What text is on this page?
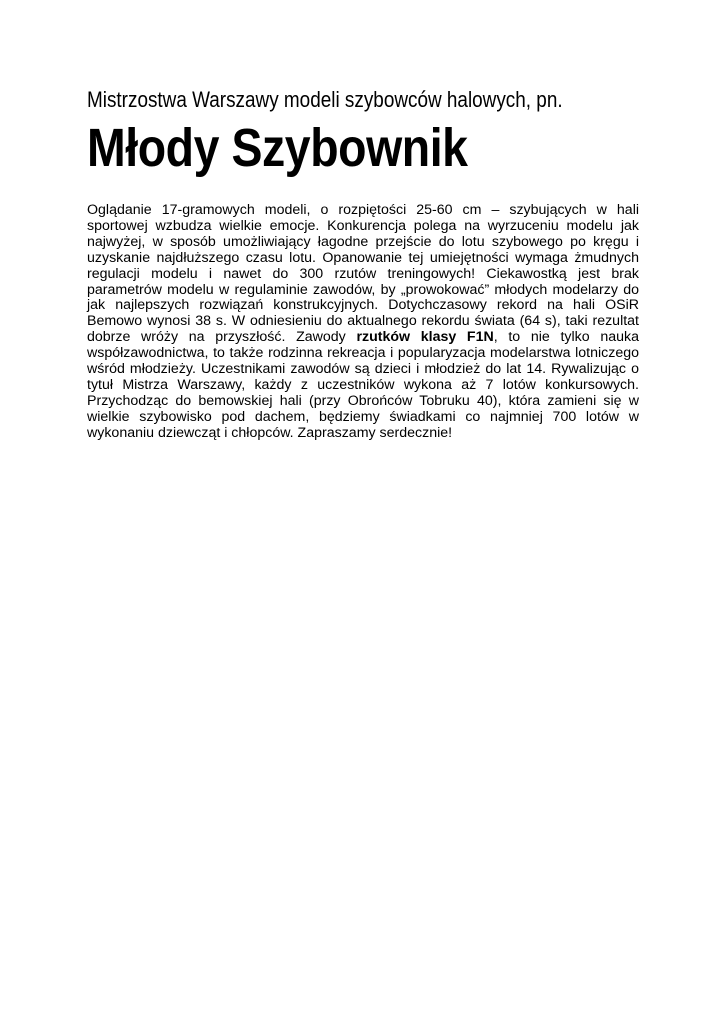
Mistrzostwa Warszawy modeli szybowców halowych, pn.

Młody Szybownik

Oglądanie 17-gramowych modeli, o rozpiętości 25-60 cm – szybujących w hali sportowej wzbudza wielkie emocje. Konkurencja polega na wyrzuceniu modelu jak najwyżej, w sposób umożliwiający łagodne przejście do lotu szybowego po kręgu i uzyskanie najdłuższego czasu lotu. Opanowanie tej umiejętności wymaga żmudnych regulacji modelu i nawet do 300 rzutów treningowych! Ciekawostką jest brak parametrów modelu w regulaminie zawodów, by „prowokować” młodych modelarzy do jak najlepszych rozwiązań konstrukcyjnych. Dotychczasowy rekord na hali OSiR Bemowo wynosi 38 s. W odniesieniu do aktualnego rekordu świata (64 s), taki rezultat dobrze wróży na przyszłość. Zawody rzutków klasy F1N, to nie tylko nauka współzawodnictwa, to także rodzinna rekreacja i popularyzacja modelarstwa lotniczego wśród młodzieży. Uczestnikami zawodów są dzieci i młodzież do lat 14. Rywalizując o tytuł Mistrza Warszawy, każdy z uczestników wykona aż 7 lotów konkursowych. Przychodząc do bemowskiej hali (przy Obrońców Tobruku 40), która zamieni się w wielkie szybowisko pod dachem, będziemy świadkami co najmniej 700 lotów w wykonaniu dziewcząt i chłopców. Zapraszamy serdecznie!
